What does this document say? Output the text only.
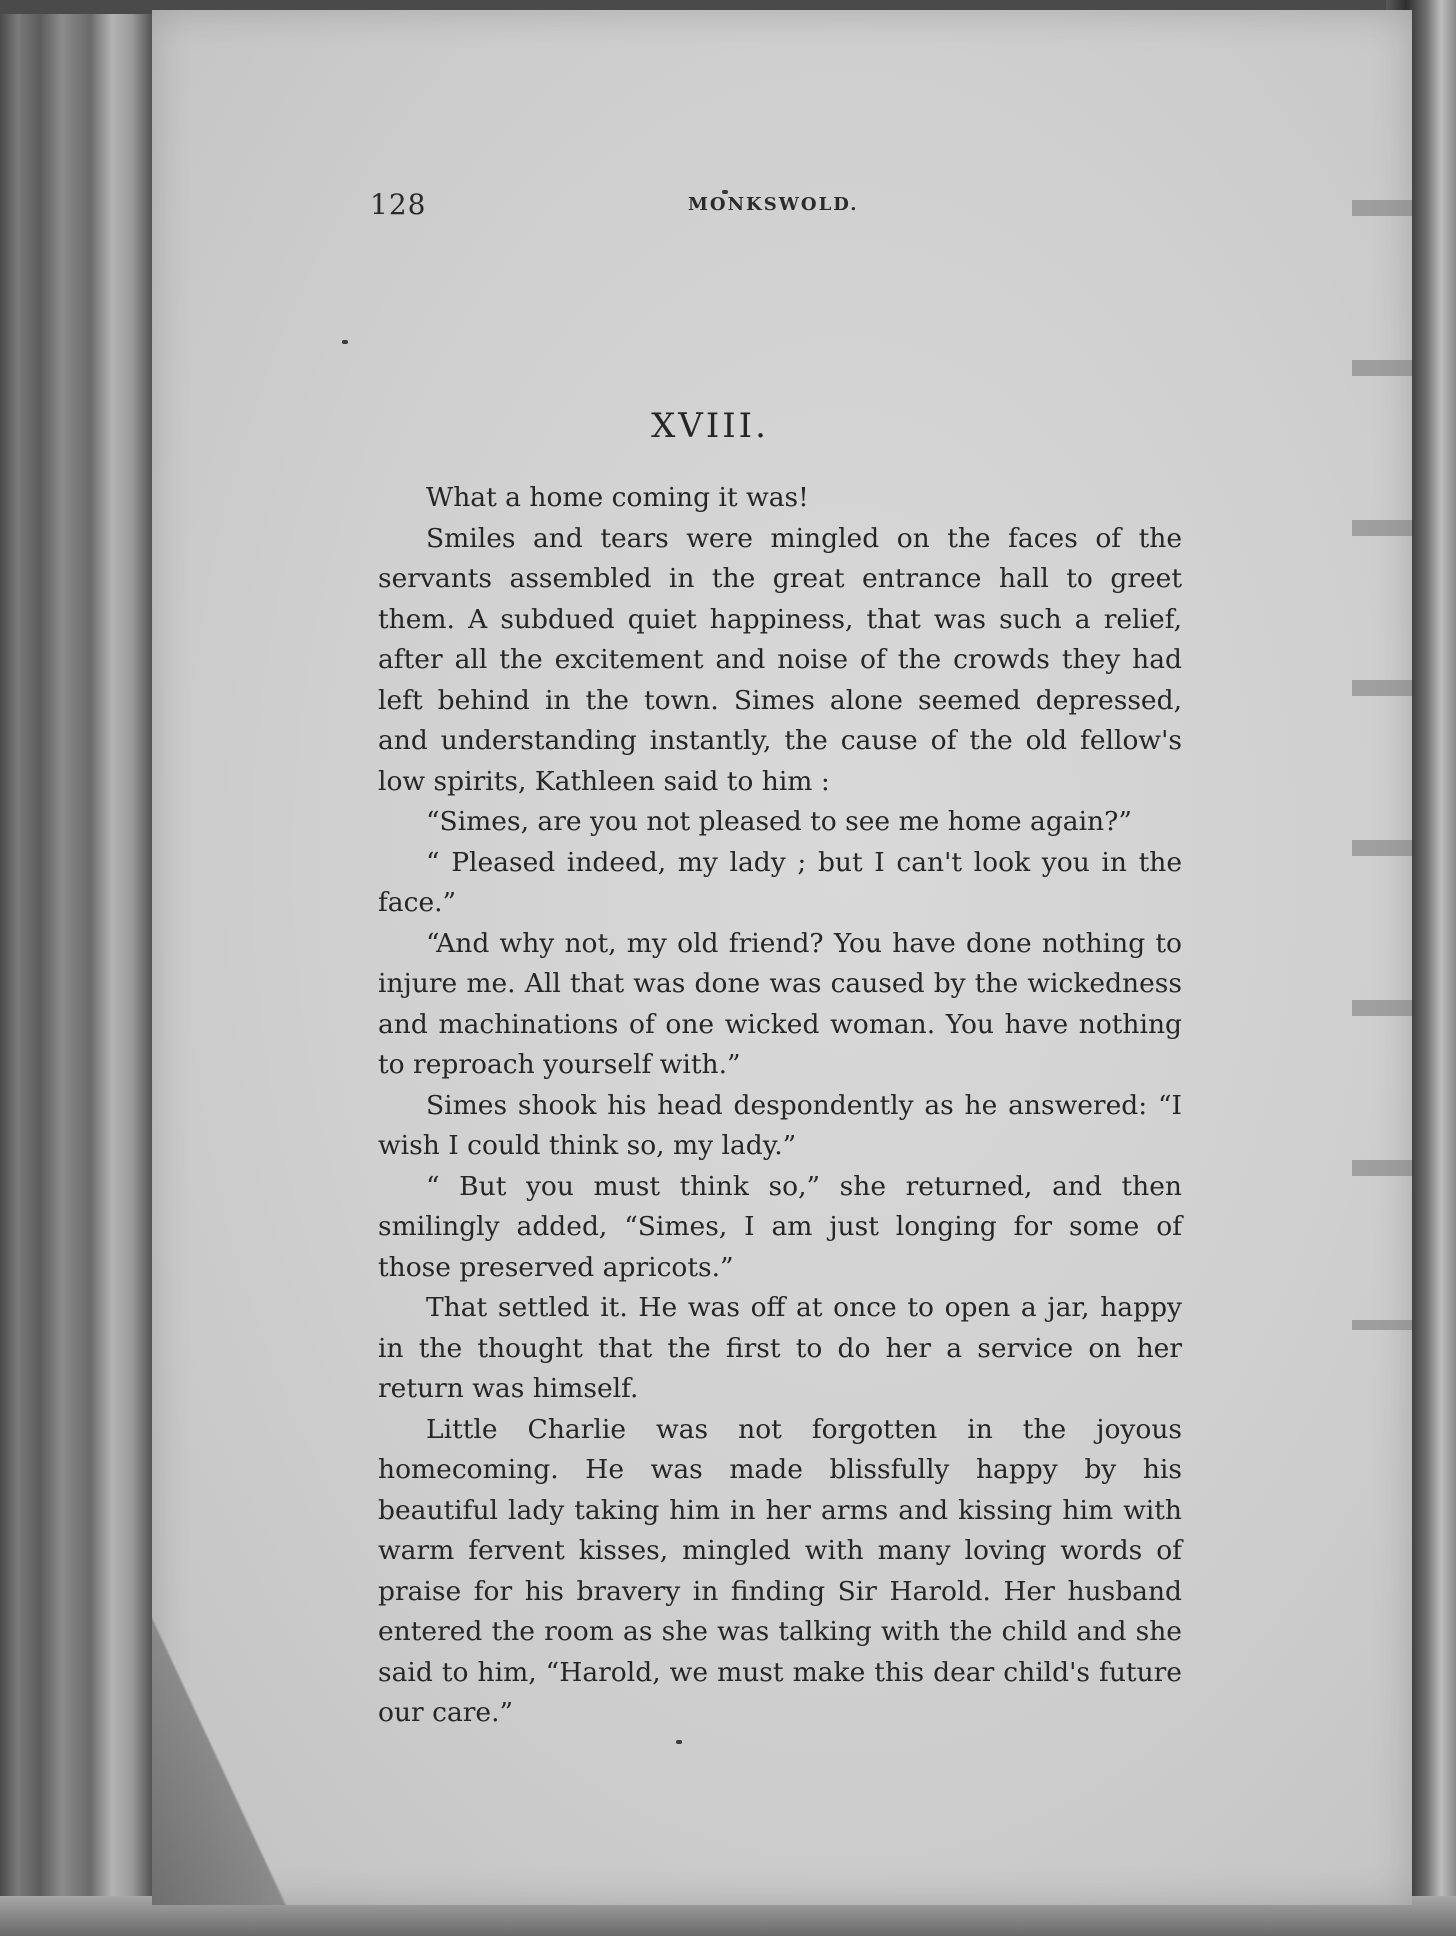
128	MONKSWOLD.
XVIII.

What a home coming it was!

Smiles and tears were mingled on the faces of the servants assembled in the great entrance hall to greet them. A subdued quiet happiness, that was such a relief, after all the excitement and noise of the crowds they had left behind in the town. Simes alone seemed depressed, and understanding instantly, the cause of the old fellow's low spirits, Kathleen said to him :

“Simes, are you not pleased to see me home again?”

“ Pleased indeed, my lady ; but I can't look you in the face.”

“And why not, my old friend? You have done nothing to injure me. All that was done was caused by the wickedness and machinations of one wicked woman. You have nothing to reproach yourself with.”

Simes shook his head despondently as he answered: “I wish I could think so, my lady.”

“ But you must think so,” she returned, and then smilingly added, “Simes, I am just longing for some of those preserved apricots.”

That settled it. He was off at once to open a jar, happy in the thought that the first to do her a service on her return was himself.

Little Charlie was not forgotten in the joyous homecoming. He was made blissfully happy by his beautiful lady taking him in her arms and kissing him with warm fervent kisses, mingled with many loving words of praise for his bravery in finding Sir Harold. Her husband entered the room as she was talking with the child and she said to him, “Harold, we must make this dear child's future our care.”
